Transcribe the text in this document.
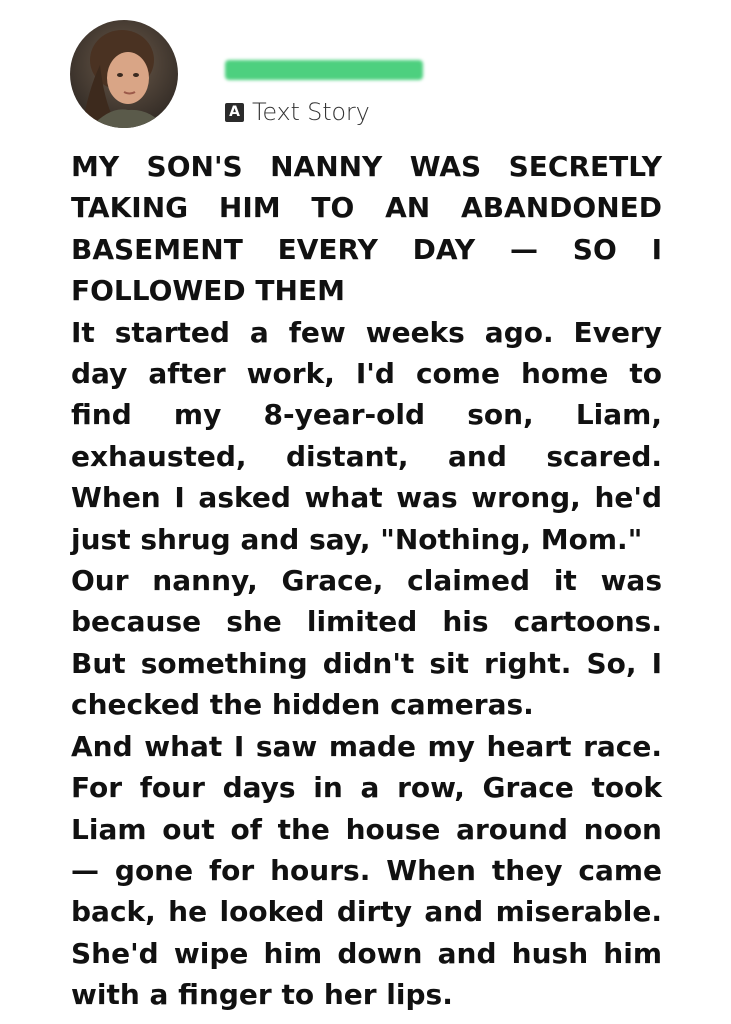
A Text Story

MY SON'S NANNY WAS SECRETLY TAKING HIM TO AN ABANDONED BASEMENT EVERY DAY — SO I FOLLOWED THEM

It started a few weeks ago. Every day after work, I'd come home to find my 8-year-old son, Liam, exhausted, distant, and scared. When I asked what was wrong, he'd just shrug and say, "Nothing, Mom."

Our nanny, Grace, claimed it was because she limited his cartoons. But something didn't sit right. So, I checked the hidden cameras.

And what I saw made my heart race. For four days in a row, Grace took Liam out of the house around noon — gone for hours. When they came back, he looked dirty and miserable. She'd wipe him down and hush him with a finger to her lips.
